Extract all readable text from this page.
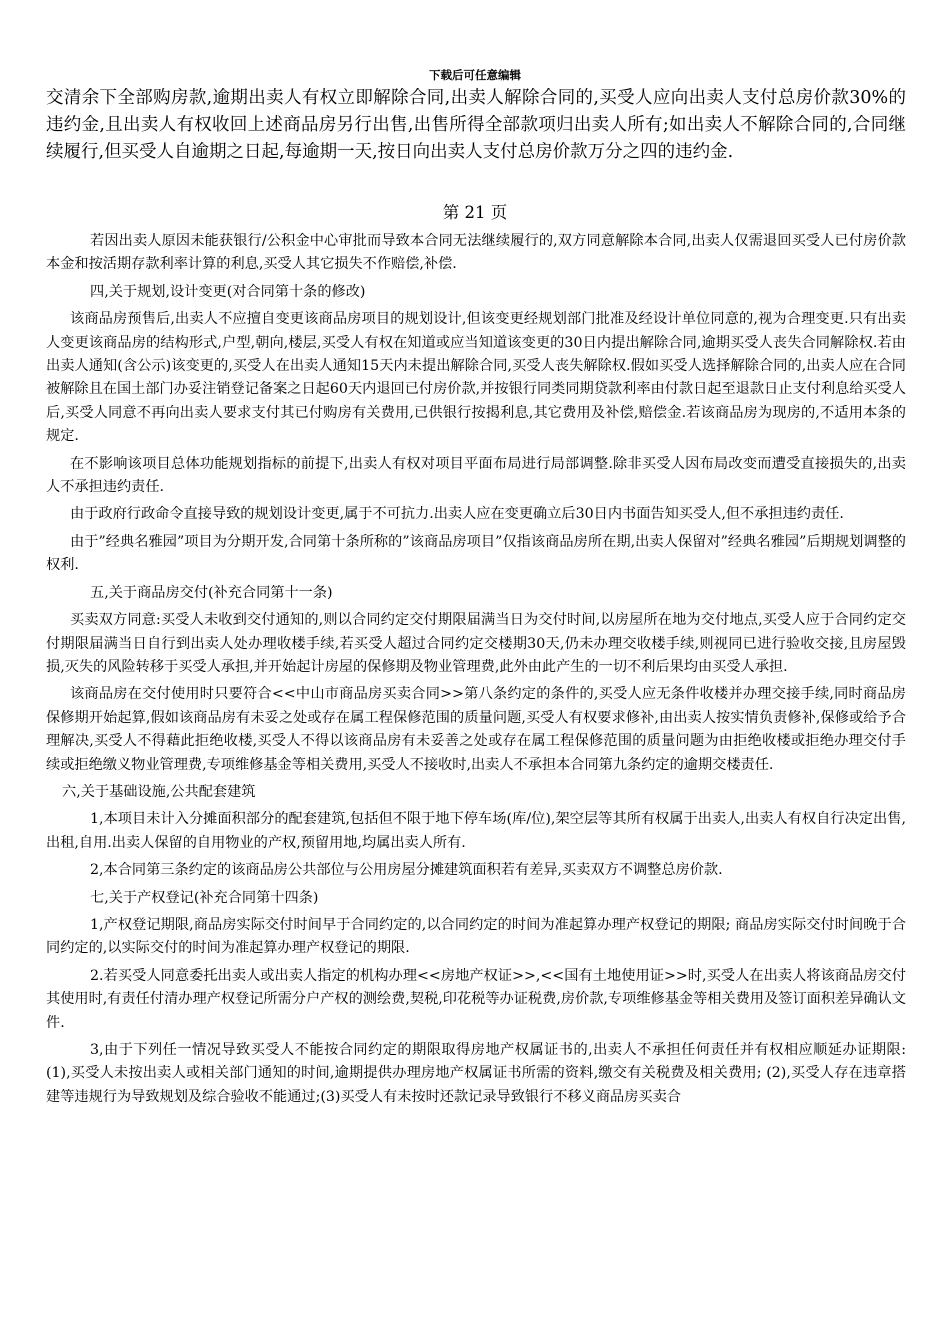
下载后可任意编辑

交清余下全部购房款,逾期出卖人有权立即解除合同,出卖人解除合同的,买受人应向出卖人支付总房价款30%的违约金,且出卖人有权收回上述商品房另行出售,出售所得全部款项归出卖人所有;如出卖人不解除合同的,合同继续履行,但买受人自逾期之日起,每逾期一天,按日向出卖人支付总房价款万分之四的违约金.

第 21 页

若因出卖人原因未能获银行/公积金中心审批而导致本合同无法继续履行的,双方同意解除本合同,出卖人仅需退回买受人已付房价款本金和按活期存款利率计算的利息,买受人其它损失不作赔偿,补偿.

四,关于规划,设计变更(对合同第十条的修改)

该商品房预售后,出卖人不应擅自变更该商品房项目的规划设计,但该变更经规划部门批准及经设计单位同意的,视为合理变更.只有出卖人变更该商品房的结构形式,户型,朝向,楼层,买受人有权在知道或应当知道该变更的30日内提出解除合同,逾期买受人丧失合同解除权.若由出卖人通知(含公示)该变更的,买受人在出卖人通知15天内未提出解除合同,买受人丧失解除权.假如买受人选择解除合同的,出卖人应在合同被解除且在国土部门办妥注销登记备案之日起60天内退回已付房价款,并按银行同类同期贷款利率由付款日起至退款日止支付利息给买受人后,买受人同意不再向出卖人要求支付其已付购房有关费用,已供银行按揭利息,其它费用及补偿,赔偿金.若该商品房为现房的,不适用本条的规定.

在不影响该项目总体功能规划指标的前提下,出卖人有权对项目平面布局进行局部调整.除非买受人因布局改变而遭受直接损失的,出卖人不承担违约责任.

由于政府行政命令直接导致的规划设计变更,属于不可抗力.出卖人应在变更确立后30日内书面告知买受人,但不承担违约责任.

由于”经典名雅园”项目为分期开发,合同第十条所称的”该商品房项目”仅指该商品房所在期,出卖人保留对”经典名雅园”后期规划调整的权利.

五,关于商品房交付(补充合同第十一条)

买卖双方同意:买受人未收到交付通知的,则以合同约定交付期限届满当日为交付时间,以房屋所在地为交付地点,买受人应于合同约定交付期限届满当日自行到出卖人处办理收楼手续,若买受人超过合同约定交楼期30天,仍未办理交收楼手续,则视同已进行验收交接,且房屋毁损,灭失的风险转移于买受人承担,并开始起计房屋的保修期及物业管理费,此外由此产生的一切不利后果均由买受人承担.

该商品房在交付使用时只要符合<<中山市商品房买卖合同>>第八条约定的条件的,买受人应无条件收楼并办理交接手续,同时商品房保修期开始起算,假如该商品房有未妥之处或存在属工程保修范围的质量问题,买受人有权要求修补,由出卖人按实情负责修补,保修或给予合理解决,买受人不得藉此拒绝收楼,买受人不得以该商品房有未妥善之处或存在属工程保修范围的质量问题为由拒绝收楼或拒绝办理交付手续或拒绝缴义物业管理费,专项维修基金等相关费用,买受人不接收时,出卖人不承担本合同第九条约定的逾期交楼责任.

六,关于基础设施,公共配套建筑

1,本项目未计入分摊面积部分的配套建筑,包括但不限于地下停车场(库/位),架空层等其所有权属于出卖人,出卖人有权自行决定出售,出租,自用.出卖人保留的自用物业的产权,预留用地,均属出卖人所有.

2,本合同第三条约定的该商品房公共部位与公用房屋分摊建筑面积若有差异,买卖双方不调整总房价款.

七,关于产权登记(补充合同第十四条)

1,产权登记期限,商品房实际交付时间早于合同约定的,以合同约定的时间为准起算办理产权登记的期限; 商品房实际交付时间晚于合同约定的,以实际交付的时间为准起算办理产权登记的期限.

2.若买受人同意委托出卖人或出卖人指定的机构办理<<房地产权证>>,<<国有土地使用证>>时,买受人在出卖人将该商品房交付其使用时,有责任付清办理产权登记所需分户产权的测绘费,契税,印花税等办证税费,房价款,专项维修基金等相关费用及签订面积差异确认文件.

3,由于下列任一情况导致买受人不能按合同约定的期限取得房地产权属证书的,出卖人不承担任何责任并有权相应顺延办证期限: (1),买受人未按出卖人或相关部门通知的时间,逾期提供办理房地产权属证书所需的资料,缴交有关税费及相关费用; (2),买受人存在违章搭建等违规行为导致规划及综合验收不能通过;(3)买受人有未按时还款记录导致银行不移义商品房买卖合
